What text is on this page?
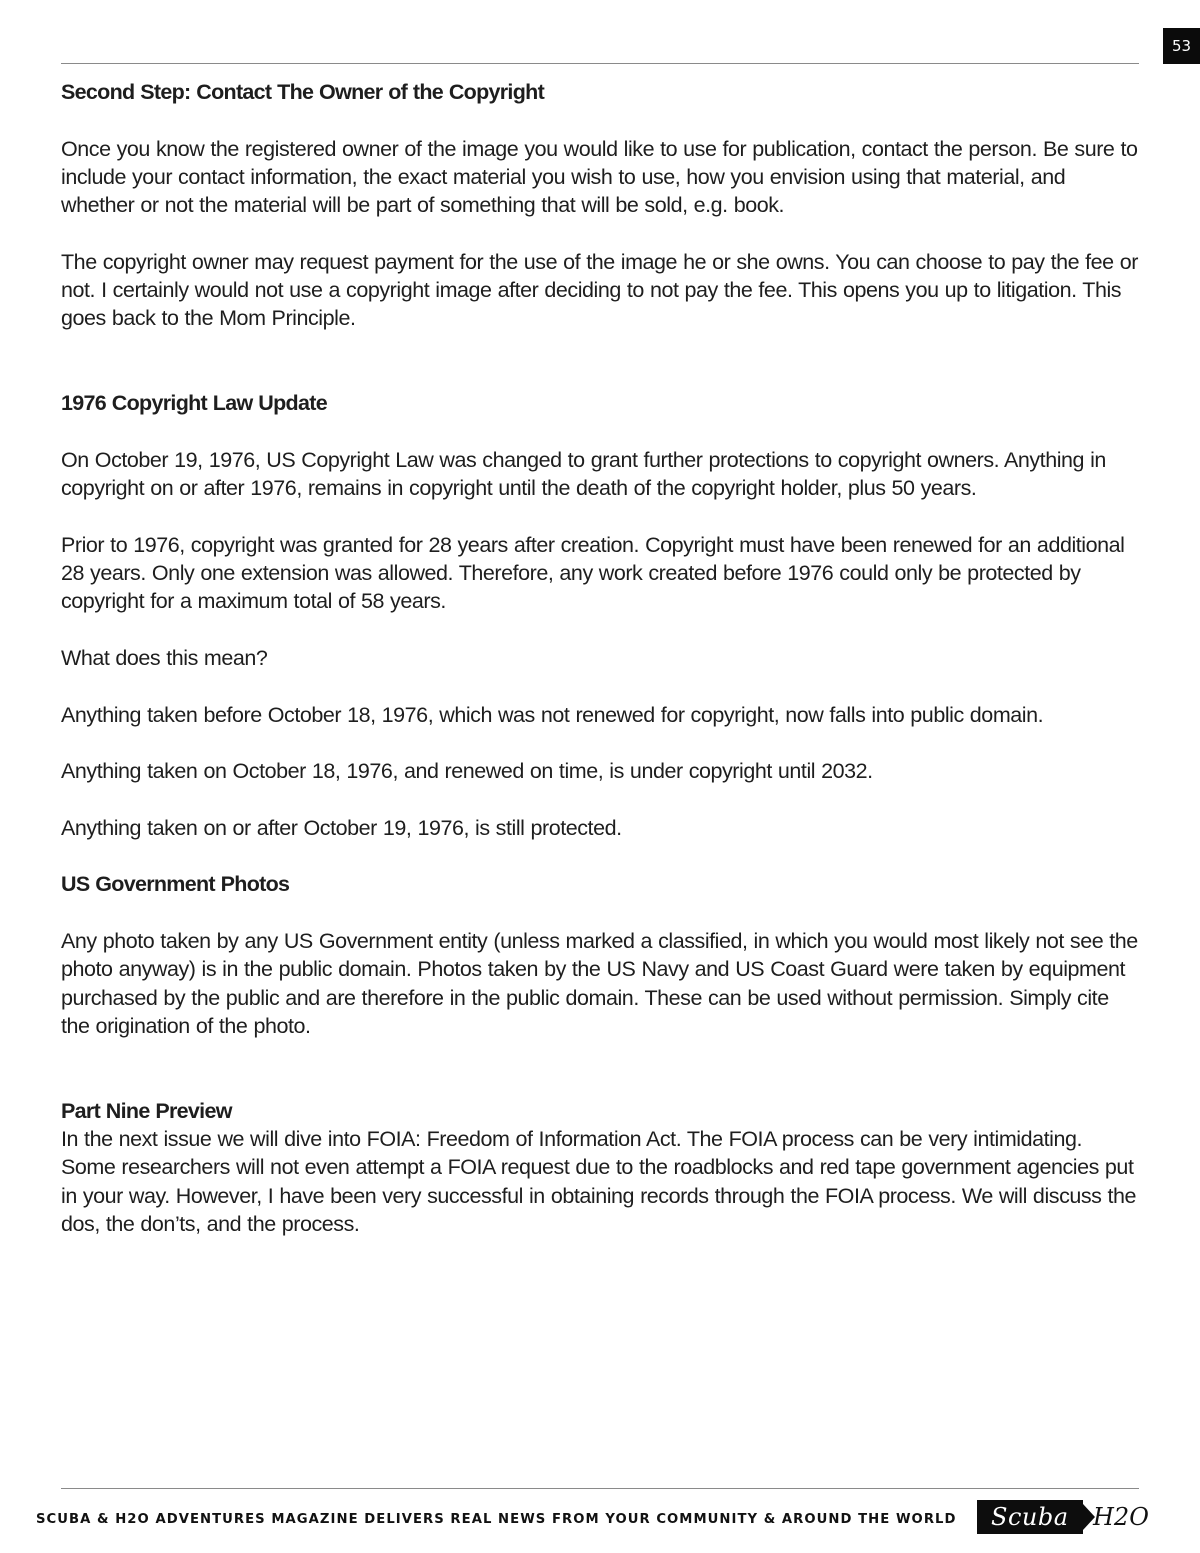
53
Second Step: Contact The Owner of the Copyright

Once you know the registered owner of the image you would like to use for publication, contact the person. Be sure to include your contact information, the exact material you wish to use, how you envision using that material, and whether or not the material will be part of something that will be sold, e.g. book.

The copyright owner may request payment for the use of the image he or she owns. You can choose to pay the fee or not. I certainly would not use a copyright image after deciding to not pay the fee. This opens you up to litigation. This goes back to the Mom Principle.

1976 Copyright Law Update

On October 19, 1976, US Copyright Law was changed to grant further protections to copyright owners. Anything in copyright on or after 1976, remains in copyright until the death of the copyright holder, plus 50 years.

Prior to 1976, copyright was granted for 28 years after creation. Copyright must have been renewed for an additional 28 years. Only one extension was allowed. Therefore, any work created before 1976 could only be protected by copyright for a maximum total of 58 years.

What does this mean?

Anything taken before October 18, 1976, which was not renewed for copyright, now falls into public domain.

Anything taken on October 18, 1976, and renewed on time, is under copyright until 2032.

Anything taken on or after October 19, 1976, is still protected.

US Government Photos

Any photo taken by any US Government entity (unless marked a classified, in which you would most likely not see the photo anyway) is in the public domain. Photos taken by the US Navy and US Coast Guard were taken by equipment purchased by the public and are therefore in the public domain. These can be used without permission. Simply cite the origination of the photo.

Part Nine Preview

In the next issue we will dive into FOIA: Freedom of Information Act. The FOIA process can be very intimidating. Some researchers will not even attempt a FOIA request due to the roadblocks and red tape government agencies put in your way. However, I have been very successful in obtaining records through the FOIA process. We will discuss the dos, the don’ts, and the process.

SCUBA & H2O ADVENTURES MAGAZINE DELIVERS REAL NEWS FROM YOUR COMMUNITY & AROUND THE WORLD	Scuba	H2O
